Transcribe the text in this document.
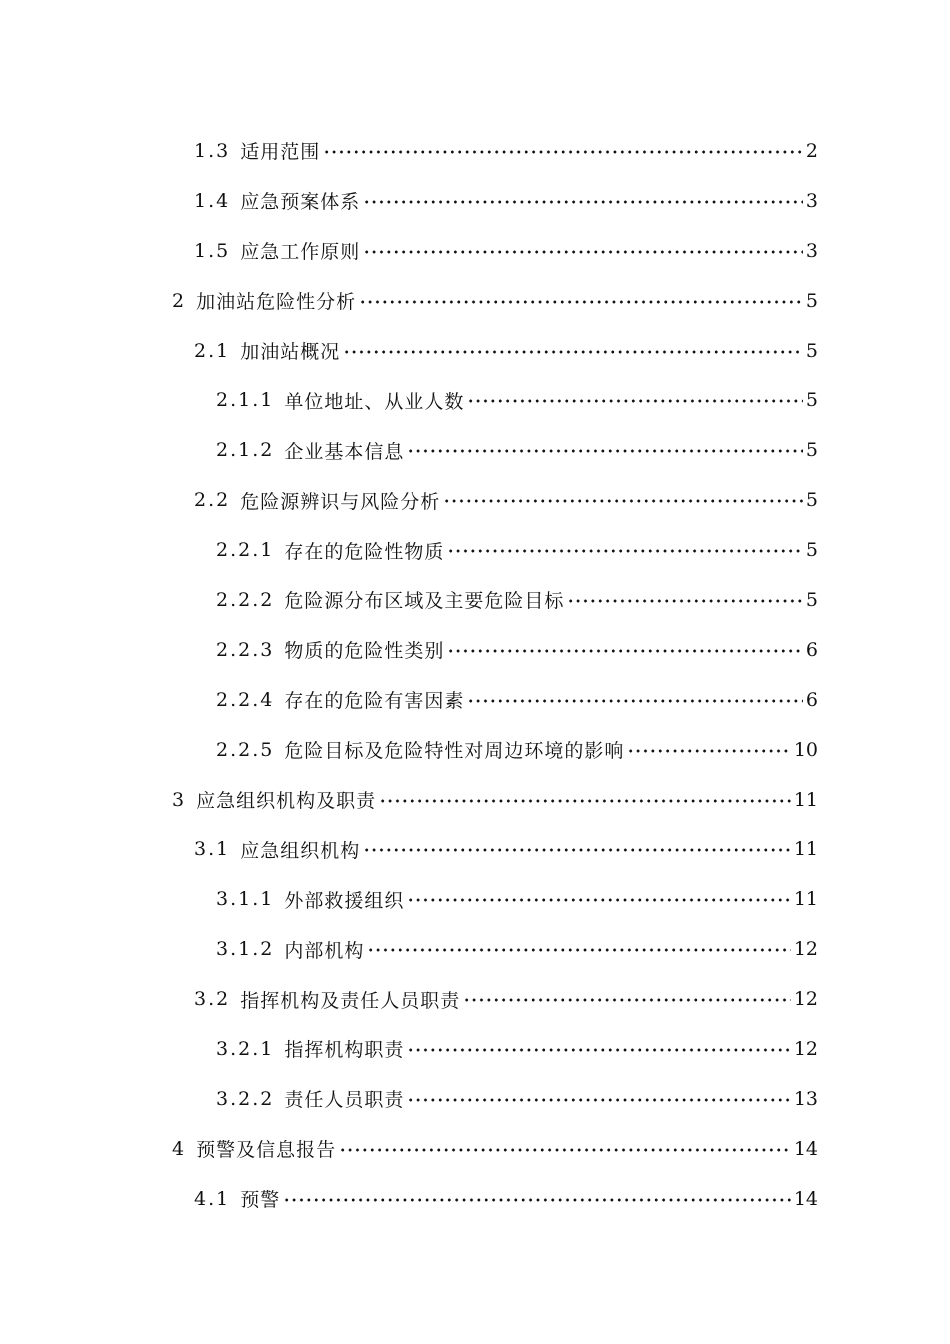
1.3 适用范围	2
1.4 应急预案体系	3
1.5 应急工作原则	3
2 加油站危险性分析	5
2.1 加油站概况	5
2.1.1 单位地址、从业人数	5
2.1.2 企业基本信息	5
2.2 危险源辨识与风险分析	5
2.2.1 存在的危险性物质	5
2.2.2 危险源分布区域及主要危险目标	5
2.2.3 物质的危险性类别	6
2.2.4 存在的危险有害因素	6
2.2.5 危险目标及危险特性对周边环境的影响	10
3 应急组织机构及职责	11
3.1 应急组织机构	11
3.1.1 外部救援组织	11
3.1.2 内部机构	12
3.2 指挥机构及责任人员职责	12
3.2.1 指挥机构职责	12
3.2.2 责任人员职责	13
4 预警及信息报告	14
4.1 预警	14
